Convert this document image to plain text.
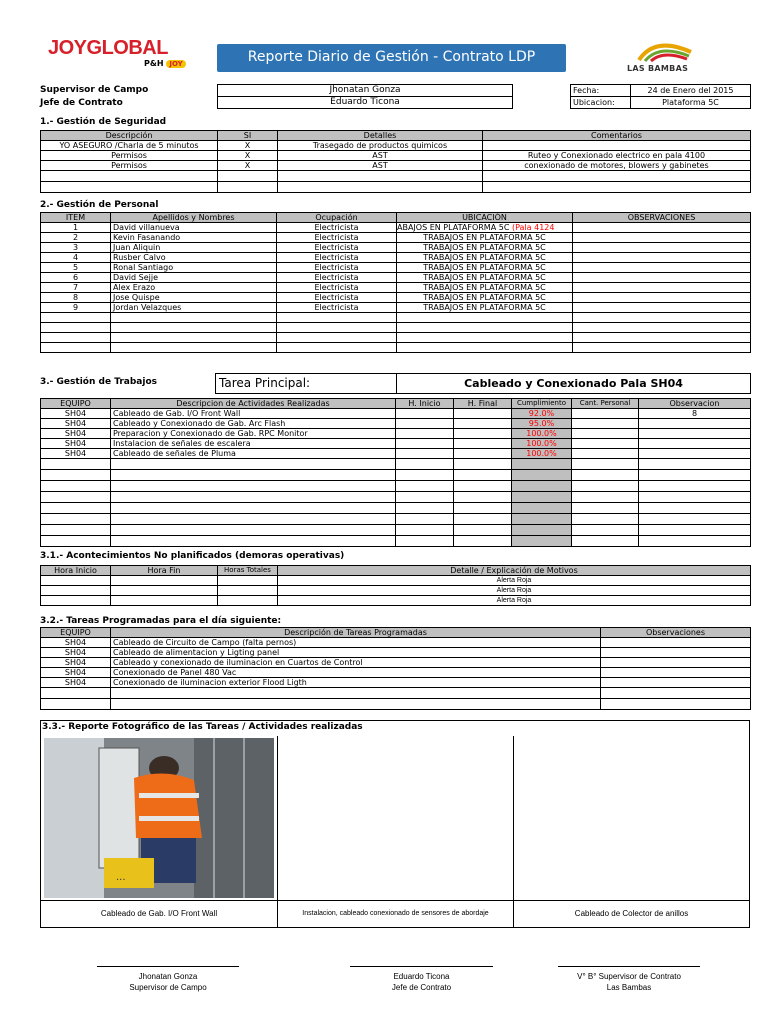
JOYGLOBAL
P&H JOY	Reporte Diario de Gestión - Contrato LDP
LAS BAMBAS
Supervisor de Campo
Jefe de Contrato
Jhonatan Gonza
Eduardo Ticona
Fecha:	24 de Enero del 2015
Ubicacion:	Plataforma 5C
1.- Gestión de Seguridad
Descripción	SI	Detalles	Comentarios
YO ASEGURO /Charla de 5 minutos	X	Trasegado de productos quimicos	
Permisos	X	AST	Ruteo y Conexionado electrico en pala 4100
Permisos	X	AST	conexionado de motores, blowers y gabinetes

2.- Gestión de Personal
ITEM	Apellidos y Nombres	Ocupación	UBICACIÓN	OBSERVACIONES
1	David villanueva	Electricista	ABAJOS EN PLATAFORMA 5C (Pala 4124	
2	Kevin Fasanando	Electricista	TRABAJOS EN PLATAFORMA 5C	
3	Juan Aliquin	Electricista	TRABAJOS EN PLATAFORMA 5C	
4	Rusber Calvo	Electricista	TRABAJOS EN PLATAFORMA 5C	
5	Ronal Santiago	Electricista	TRABAJOS EN PLATAFORMA 5C	
6	David Sejje	Electricista	TRABAJOS EN PLATAFORMA 5C	
7	Alex Erazo	Electricista	TRABAJOS EN PLATAFORMA 5C	
8	Jose Quispe	Electricista	TRABAJOS EN PLATAFORMA 5C	
9	Jordan Velazques	Electricista	TRABAJOS EN PLATAFORMA 5C	

3.- Gestión de Trabajos	Tarea Principal:	Cableado y Conexionado Pala SH04
EQUIPO	Descripcion de Actividades Realizadas	H. Inicio	H. Final	Cumplimiento	Cant. Personal	Observacion
SH04	Cableado de Gab. I/O Front Wall			92.0%		8
SH04	Cableado y Conexionado de Gab. Arc Flash			95.0%		
SH04	Preparacion y Conexionado de Gab. RPC Monitor			100.0%		
SH04	Instalacion de señales de escalera			100.0%		
SH04	Cableado de señales de Pluma			100.0%		

3.1.- Acontecimientos No planificados (demoras operativas)
Hora Inicio	Hora Fin	Horas Totales	Detalle / Explicación de Motivos
			Alerta Roja
			Alerta Roja
			Alerta Roja
3.2.- Tareas Programadas para el día siguiente:
EQUIPO	Descripción de Tareas Programadas	Observaciones
SH04	Cableado de Circuito de Campo (falta pernos)	
SH04	Cableado de alimentacion y Ligting panel	
SH04	Cableado y conexionado de iluminacion en Cuartos de Control	
SH04	Conexionado de Panel 480 Vac	
SH04	Conexionado de iluminacion exterior Flood Ligth	

3.3.- Reporte Fotográfico de las Tareas / Actividades realizadas
...
Cableado de Gab. I/O Front Wall	Instalacion, cableado conexionado de sensores de abordaje	Cableado de Colector de anillos
Jhonatan Gonza
Supervisor de Campo
Eduardo Ticona
Jefe de Contrato
V° B° Supervisor de Contrato
Las Bambas
